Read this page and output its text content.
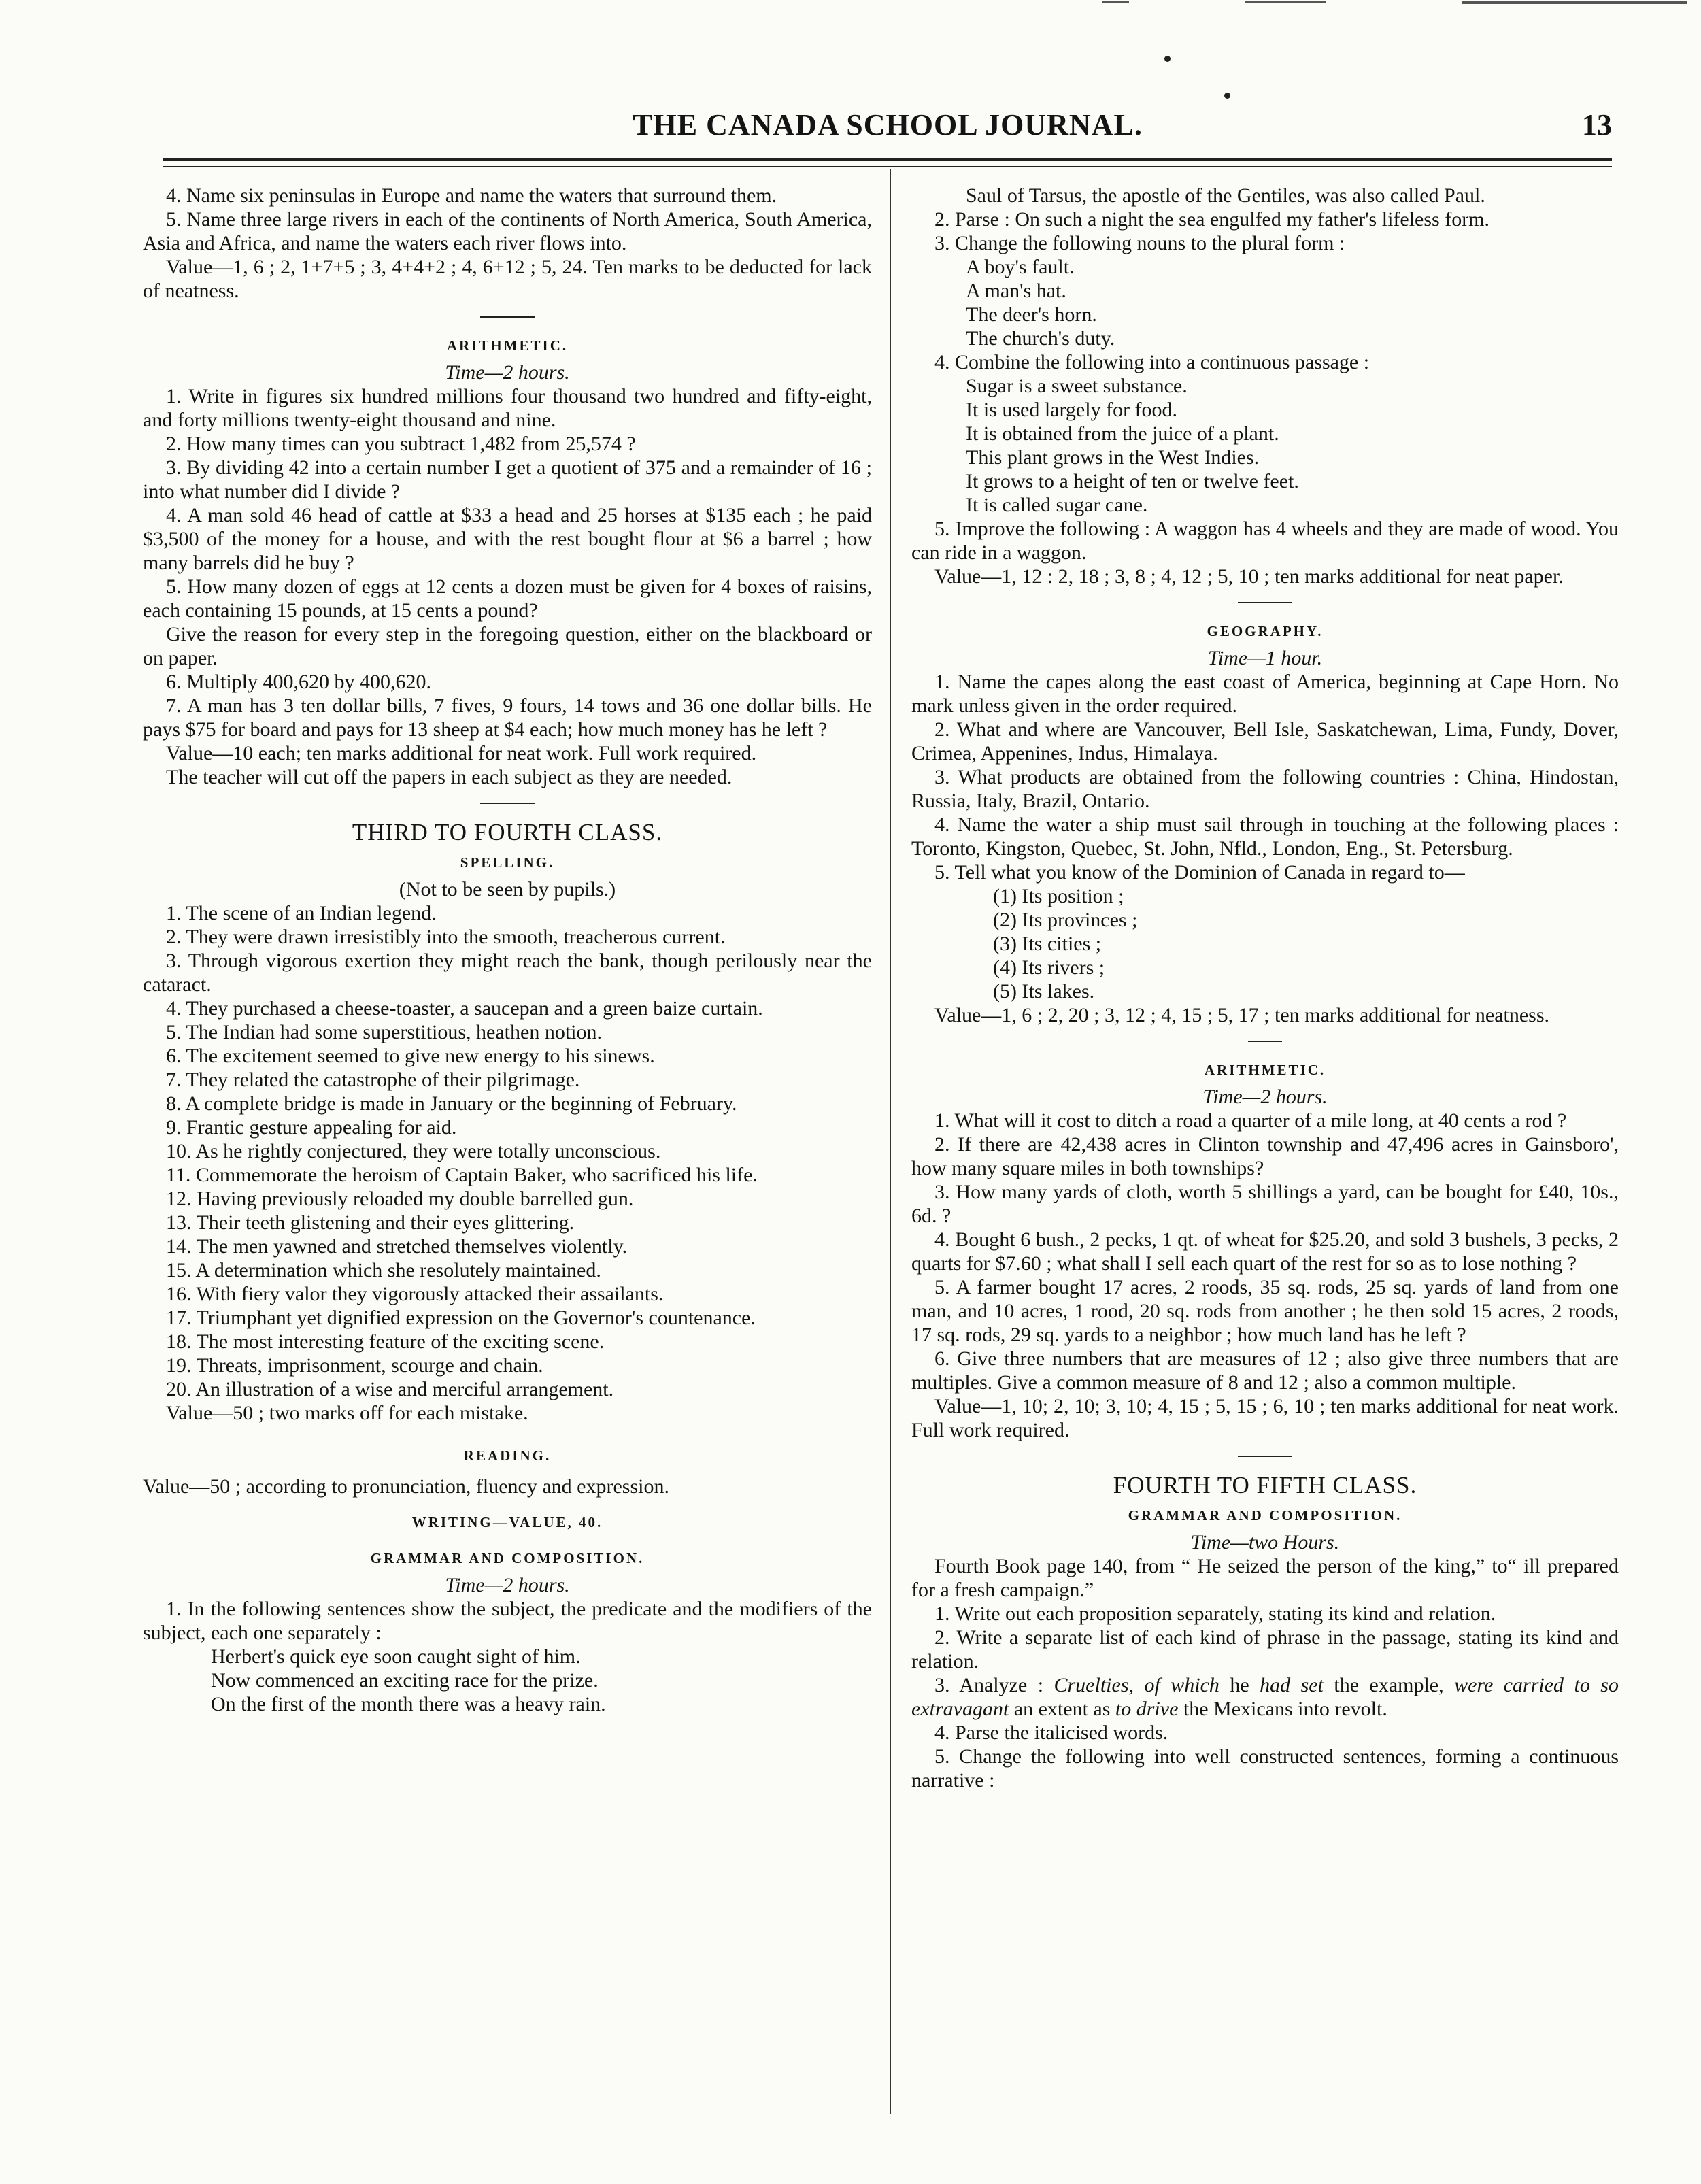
THE CANADA SCHOOL JOURNAL.	13

4. Name six peninsulas in Europe and name the waters that surround them.

5. Name three large rivers in each of the continents of North America, South America, Asia and Africa, and name the waters each river flows into.

Value—1, 6 ; 2, 1+7+5 ; 3, 4+4+2 ; 4, 6+12 ; 5, 24. Ten marks to be deducted for lack of neatness.

ARITHMETIC.
Time—2 hours.

1. Write in figures six hundred millions four thousand two hundred and fifty-eight, and forty millions twenty-eight thousand and nine.

2. How many times can you subtract 1,482 from 25,574 ?

3. By dividing 42 into a certain number I get a quotient of 375 and a remainder of 16 ; into what number did I divide ?

4. A man sold 46 head of cattle at $33 a head and 25 horses at $135 each ; he paid $3,500 of the money for a house, and with the rest bought flour at $6 a barrel ; how many barrels did he buy ?

5. How many dozen of eggs at 12 cents a dozen must be given for 4 boxes of raisins, each containing 15 pounds, at 15 cents a pound?

Give the reason for every step in the foregoing question, either on the blackboard or on paper.

6. Multiply 400,620 by 400,620.

7. A man has 3 ten dollar bills, 7 fives, 9 fours, 14 tows and 36 one dollar bills. He pays $75 for board and pays for 13 sheep at $4 each; how much money has he left ?

Value—10 each; ten marks additional for neat work. Full work required.

The teacher will cut off the papers in each subject as they are needed.

THIRD TO FOURTH CLASS.
SPELLING.
(Not to be seen by pupils.)

1. The scene of an Indian legend.

2. They were drawn irresistibly into the smooth, treacherous current.

3. Through vigorous exertion they might reach the bank, though perilously near the cataract.

4. They purchased a cheese-toaster, a saucepan and a green baize curtain.

5. The Indian had some superstitious, heathen notion.

6. The excitement seemed to give new energy to his sinews.

7. They related the catastrophe of their pilgrimage.

8. A complete bridge is made in January or the beginning of February.

9. Frantic gesture appealing for aid.

10. As he rightly conjectured, they were totally unconscious.

11. Commemorate the heroism of Captain Baker, who sacrificed his life.

12. Having previously reloaded my double barrelled gun.

13. Their teeth glistening and their eyes glittering.

14. The men yawned and stretched themselves violently.

15. A determination which she resolutely maintained.

16. With fiery valor they vigorously attacked their assailants.

17. Triumphant yet dignified expression on the Governor's countenance.

18. The most interesting feature of the exciting scene.

19. Threats, imprisonment, scourge and chain.

20. An illustration of a wise and merciful arrangement.

Value—50 ; two marks off for each mistake.

READING.

Value—50 ; according to pronunciation, fluency and expression.

WRITING—VALUE, 40.
GRAMMAR AND COMPOSITION.
Time—2 hours.

1. In the following sentences show the subject, the predicate and the modifiers of the subject, each one separately :

Herbert's quick eye soon caught sight of him.

Now commenced an exciting race for the prize.

On the first of the month there was a heavy rain.

Saul of Tarsus, the apostle of the Gentiles, was also called Paul.

2. Parse : On such a night the sea engulfed my father's lifeless form.

3. Change the following nouns to the plural form :

A boy's fault.

A man's hat.

The deer's horn.

The church's duty.

4. Combine the following into a continuous passage :

Sugar is a sweet substance.

It is used largely for food.

It is obtained from the juice of a plant.

This plant grows in the West Indies.

It grows to a height of ten or twelve feet.

It is called sugar cane.

5. Improve the following : A waggon has 4 wheels and they are made of wood. You can ride in a waggon.

Value—1, 12 : 2, 18 ; 3, 8 ; 4, 12 ; 5, 10 ; ten marks additional for neat paper.

GEOGRAPHY.
Time—1 hour.

1. Name the capes along the east coast of America, beginning at Cape Horn. No mark unless given in the order required.

2. What and where are Vancouver, Bell Isle, Saskatchewan, Lima, Fundy, Dover, Crimea, Appenines, Indus, Himalaya.

3. What products are obtained from the following countries : China, Hindostan, Russia, Italy, Brazil, Ontario.

4. Name the water a ship must sail through in touching at the following places : Toronto, Kingston, Quebec, St. John, Nfld., London, Eng., St. Petersburg.

5. Tell what you know of the Dominion of Canada in regard to—

(1) Its position ;

(2) Its provinces ;

(3) Its cities ;

(4) Its rivers ;

(5) Its lakes.

Value—1, 6 ; 2, 20 ; 3, 12 ; 4, 15 ; 5, 17 ; ten marks additional for neatness.

ARITHMETIC.
Time—2 hours.

1. What will it cost to ditch a road a quarter of a mile long, at 40 cents a rod ?

2. If there are 42,438 acres in Clinton township and 47,496 acres in Gainsboro', how many square miles in both townships?

3. How many yards of cloth, worth 5 shillings a yard, can be bought for £40, 10s., 6d. ?

4. Bought 6 bush., 2 pecks, 1 qt. of wheat for $25.20, and sold 3 bushels, 3 pecks, 2 quarts for $7.60 ; what shall I sell each quart of the rest for so as to lose nothing ?

5. A farmer bought 17 acres, 2 roods, 35 sq. rods, 25 sq. yards of land from one man, and 10 acres, 1 rood, 20 sq. rods from another ; he then sold 15 acres, 2 roods, 17 sq. rods, 29 sq. yards to a neighbor ; how much land has he left ?

6. Give three numbers that are measures of 12 ; also give three numbers that are multiples. Give a common measure of 8 and 12 ; also a common multiple.

Value—1, 10; 2, 10; 3, 10; 4, 15 ; 5, 15 ; 6, 10 ; ten marks additional for neat work. Full work required.

FOURTH TO FIFTH CLASS.
GRAMMAR AND COMPOSITION.
Time—two Hours.

Fourth Book page 140, from “ He seized the person of the king,” to“ ill prepared for a fresh campaign.”

1. Write out each proposition separately, stating its kind and relation.

2. Write a separate list of each kind of phrase in the passage, stating its kind and relation.

3. Analyze : Cruelties, of which he had set the example, were carried to so extravagant an extent as to drive the Mexicans into revolt.

4. Parse the italicised words.

5. Change the following into well constructed sentences, forming a continuous narrative :
